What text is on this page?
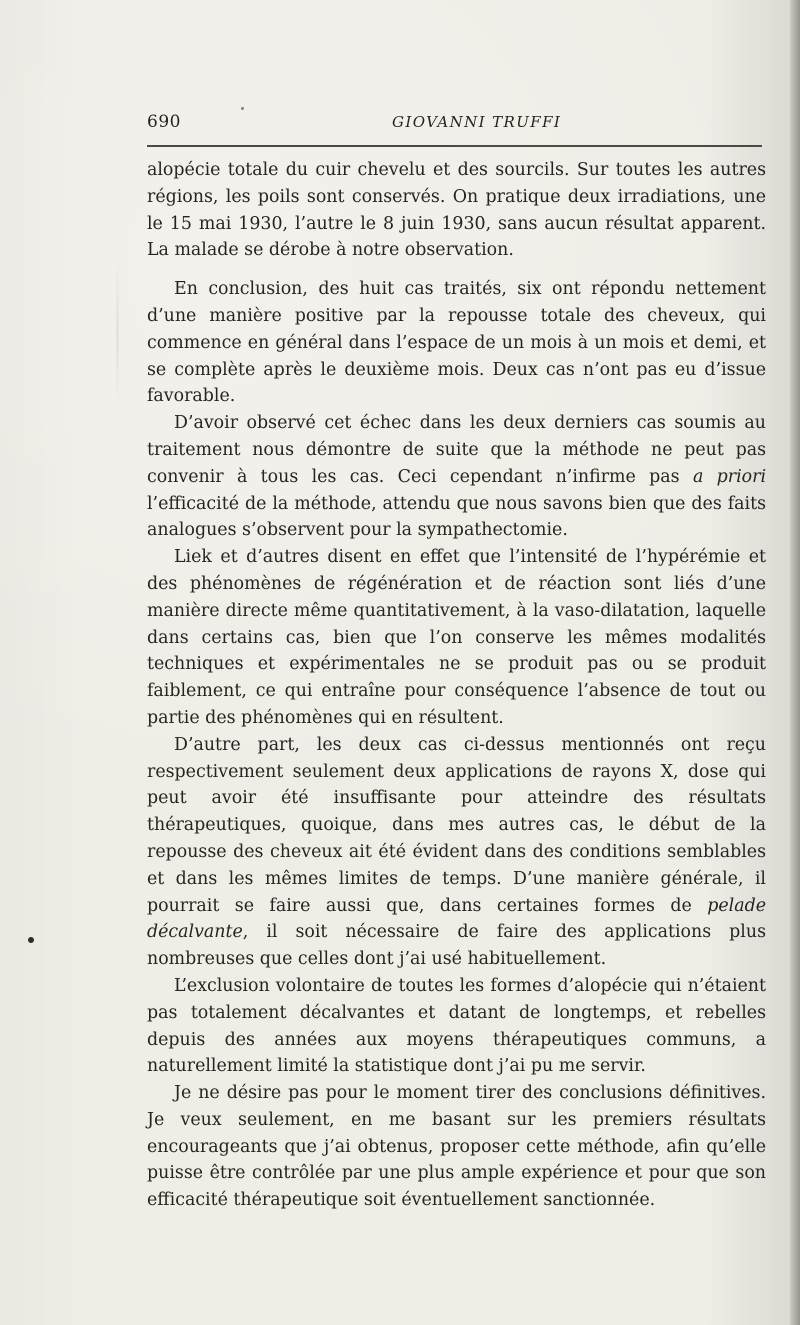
690	GIOVANNI TRUFFI

alopécie totale du cuir chevelu et des sourcils. Sur toutes les autres régions, les poils sont conservés. On pratique deux irradiations, une le 15 mai 1930, l’autre le 8 juin 1930, sans aucun résultat apparent. La malade se dérobe à notre observation.

En conclusion, des huit cas traités, six ont répondu nettement d’une manière positive par la repousse totale des cheveux, qui commence en général dans l’espace de un mois à un mois et demi, et se complète après le deuxième mois. Deux cas n’ont pas eu d’issue favorable.

D’avoir observé cet échec dans les deux derniers cas soumis au traitement nous démontre de suite que la méthode ne peut pas convenir à tous les cas. Ceci cependant n’infirme pas a priori l’efficacité de la méthode, attendu que nous savons bien que des faits analogues s’observent pour la sympathectomie.

Liek et d’autres disent en effet que l’intensité de l’hypérémie et des phénomènes de régénération et de réaction sont liés d’une manière directe même quantitativement, à la vaso-dilatation, laquelle dans certains cas, bien que l’on conserve les mêmes modalités techniques et expérimentales ne se produit pas ou se produit faiblement, ce qui entraîne pour conséquence l’absence de tout ou partie des phénomènes qui en résultent.

D’autre part, les deux cas ci-dessus mentionnés ont reçu respectivement seulement deux applications de rayons X, dose qui peut avoir été insuffisante pour atteindre des résultats thérapeutiques, quoique, dans mes autres cas, le début de la repousse des cheveux ait été évident dans des conditions semblables et dans les mêmes limites de temps. D’une manière générale, il pourrait se faire aussi que, dans certaines formes de pelade décalvante, il soit nécessaire de faire des applications plus nombreuses que celles dont j’ai usé habituellement.

L’exclusion volontaire de toutes les formes d’alopécie qui n’étaient pas totalement décalvantes et datant de longtemps, et rebelles depuis des années aux moyens thérapeutiques communs, a naturellement limité la statistique dont j’ai pu me servir.

Je ne désire pas pour le moment tirer des conclusions définitives. Je veux seulement, en me basant sur les premiers résultats encourageants que j’ai obtenus, proposer cette méthode, afin qu’elle puisse être contrôlée par une plus ample expérience et pour que son efficacité thérapeutique soit éventuellement sanctionnée.
